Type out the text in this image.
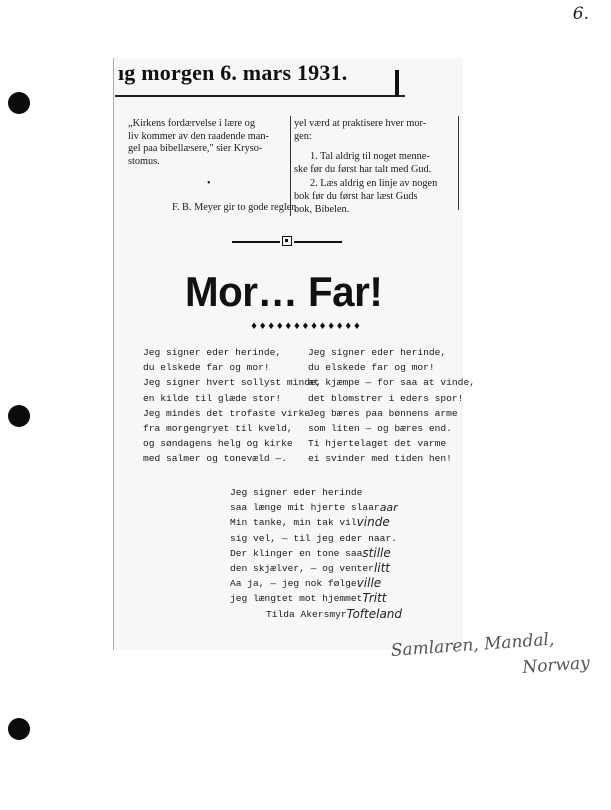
6.
ıg morgen 6. mars 1931.

„Kirkens fordærvelse i lære og

liv kommer av den raadende man-

gel paa bibellæsere," sier Kryso-

stomus.

•
F. B. Meyer gir to gode regler,

yel værd at praktisere hver mor-

gen:

1. Tal aldrig til noget menne-

ske før du først har talt med Gud.

2. Læs aldrig en linje av nogen

bok før du først har læst Guds

bok, Bibelen.

Mor… Far!
♦♦♦♦♦♦♦♦♦♦♦♦♦
Jeg signer eder herinde,
du elskede far og mor!
Jeg signer hvert sollyst minde,
en kilde til glæde stor!
Jeg mindes det trofaste virke
fra morgengryet til kveld,
og søndagens helg og kirke
med salmer og tonevæld —.
Jeg signer eder herinde,
du elskede far og mor!
at kjæmpe — for saa at vinde,
det blomstrer i eders spor!
Jeg bæres paa bønnens arme
som liten — og bæres end.
Ti hjertelaget det varme
ei svinder med tiden hen!
Jeg signer eder herinde
saa længe mit hjerte slaar aar
Min tanke, min tak vil vinde
sig vel, — til jeg eder naar.
Der klinger en tone saa stille
den skjælver, — og venter litt
Aa ja, — jeg nok følge ville
jeg længtet mot hjemmet Tritt
Tilda Akersmyr Tofteland
Samlaren, Mandal,
Norway
